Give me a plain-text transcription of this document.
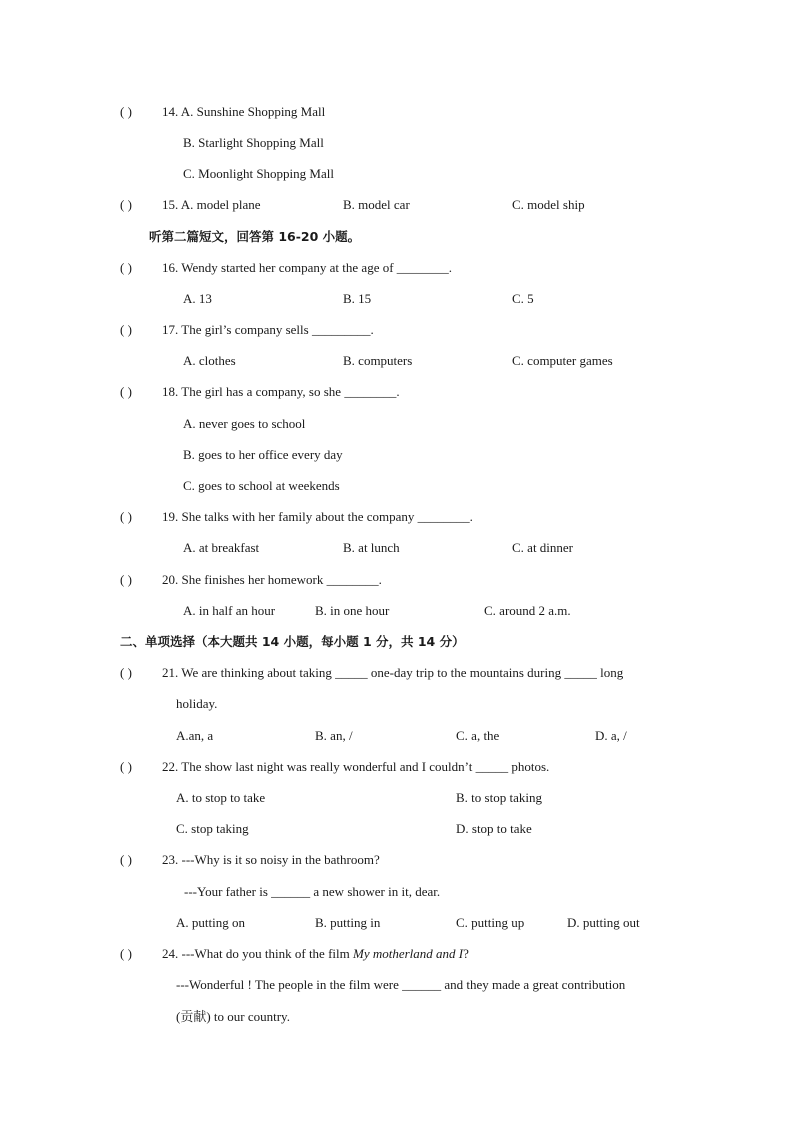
( ) 14. A. Sunshine Shopping Mall
B. Starlight Shopping Mall
C. Moonlight Shopping Mall
( ) 15. A. model plane	B. model car	C. model ship
听第二篇短文，回答第 16-20 小题。
( ) 16. Wendy started her company at the age of ________.
A. 13	B. 15	C. 5
( ) 17. The girl’s company sells _________.
A. clothes	B. computers	C. computer games
( ) 18. The girl has a company, so she ________.
A. never goes to school
B. goes to her office every day
C. goes to school at weekends
( ) 19. She talks with her family about the company ________.
A. at breakfast	B. at lunch	C. at dinner
( ) 20. She finishes her homework ________.
A. in half an hour	B. in one hour	C. around 2 a.m.
二、单项选择（本大题共 14 小题，每小题 1 分，共 14 分）
( ) 21. We are thinking about taking _____ one-day trip to the mountains during _____ long
holiday.
A.an, a	B. an, /	C. a, the	D. a, /
( ) 22. The show last night was really wonderful and I couldn’t _____ photos.
A. to stop to take	B. to stop taking
C. stop taking	D. stop to take
( ) 23. ---Why is it so noisy in the bathroom?
---Your father is ______ a new shower in it, dear.
A. putting on	B. putting in	C. putting up	D. putting out
( ) 24. ---What do you think of the film My motherland and I?
---Wonderful ! The people in the film were ______ and they made a great contribution
(贡献) to our country.
